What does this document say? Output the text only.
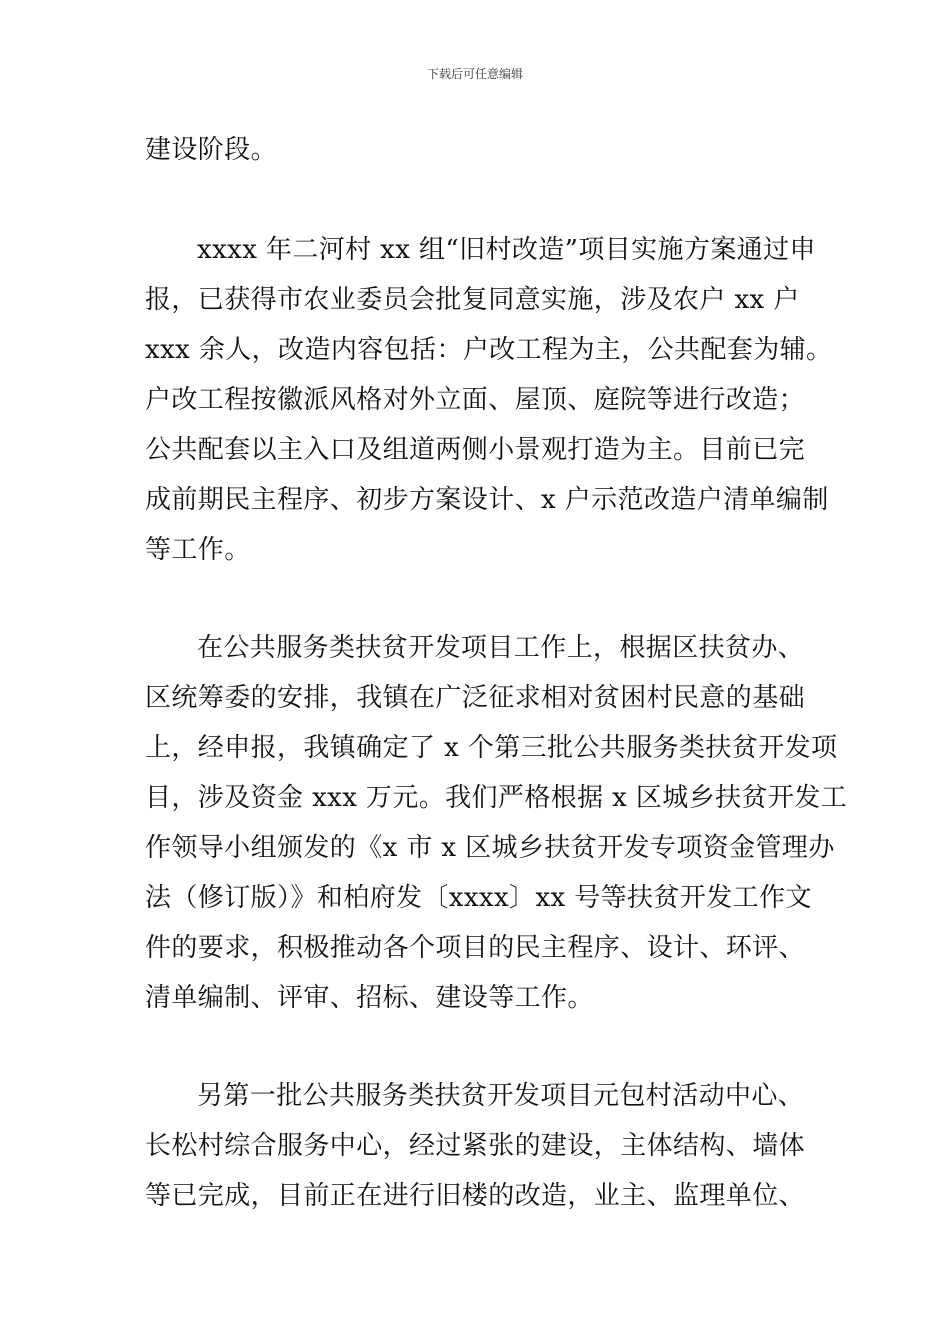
下载后可任意编辑
建设阶段。
xxxx 年二河村 xx 组“旧村改造”项目实施方案通过申
报，已获得市农业委员会批复同意实施，涉及农户 xx 户
xxx 余人，改造内容包括：户改工程为主，公共配套为辅。
户改工程按徽派风格对外立面、屋顶、庭院等进行改造；
公共配套以主入口及组道两侧小景观打造为主。目前已完
成前期民主程序、初步方案设计、x 户示范改造户清单编制
等工作。
在公共服务类扶贫开发项目工作上，根据区扶贫办、
区统筹委的安排，我镇在广泛征求相对贫困村民意的基础
上，经申报，我镇确定了 x 个第三批公共服务类扶贫开发项
目，涉及资金 xxx 万元。我们严格根据 x 区城乡扶贫开发工
作领导小组颁发的《x 市 x 区城乡扶贫开发专项资金管理办
法（修订版）》和柏府发〔xxxx〕xx 号等扶贫开发工作文
件的要求，积极推动各个项目的民主程序、设计、环评、
清单编制、评审、招标、建设等工作。
另第一批公共服务类扶贫开发项目元包村活动中心、
长松村综合服务中心，经过紧张的建设，主体结构、墙体
等已完成，目前正在进行旧楼的改造，业主、监理单位、
